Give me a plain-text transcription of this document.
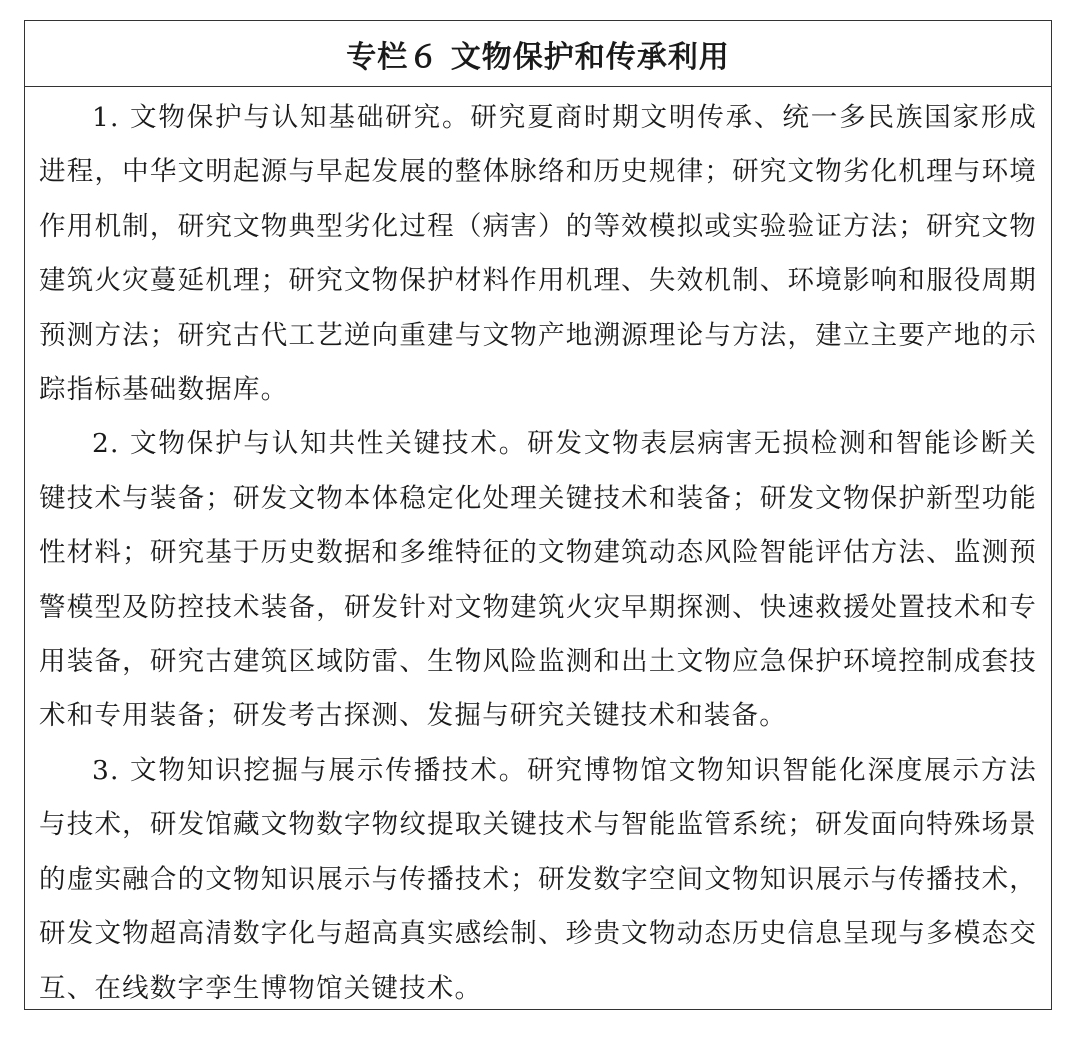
专栏６ 文物保护和传承利用

1. 文物保护与认知基础研究。研究夏商时期文明传承、统一多民族国家形成进程，中华文明起源与早起发展的整体脉络和历史规律；研究文物劣化机理与环境作用机制，研究文物典型劣化过程（病害）的等效模拟或实验验证方法；研究文物建筑火灾蔓延机理；研究文物保护材料作用机理、失效机制、环境影响和服役周期预测方法；研究古代工艺逆向重建与文物产地溯源理论与方法，建立主要产地的示踪指标基础数据库。

2. 文物保护与认知共性关键技术。研发文物表层病害无损检测和智能诊断关键技术与装备；研发文物本体稳定化处理关键技术和装备；研发文物保护新型功能性材料；研究基于历史数据和多维特征的文物建筑动态风险智能评估方法、监测预警模型及防控技术装备，研发针对文物建筑火灾早期探测、快速救援处置技术和专用装备，研究古建筑区域防雷、生物风险监测和出土文物应急保护环境控制成套技术和专用装备；研发考古探测、发掘与研究关键技术和装备。

3. 文物知识挖掘与展示传播技术。研究博物馆文物知识智能化深度展示方法与技术，研发馆藏文物数字物纹提取关键技术与智能监管系统；研发面向特殊场景的虚实融合的文物知识展示与传播技术；研发数字空间文物知识展示与传播技术，研发文物超高清数字化与超高真实感绘制、珍贵文物动态历史信息呈现与多模态交互、在线数字孪生博物馆关键技术。
